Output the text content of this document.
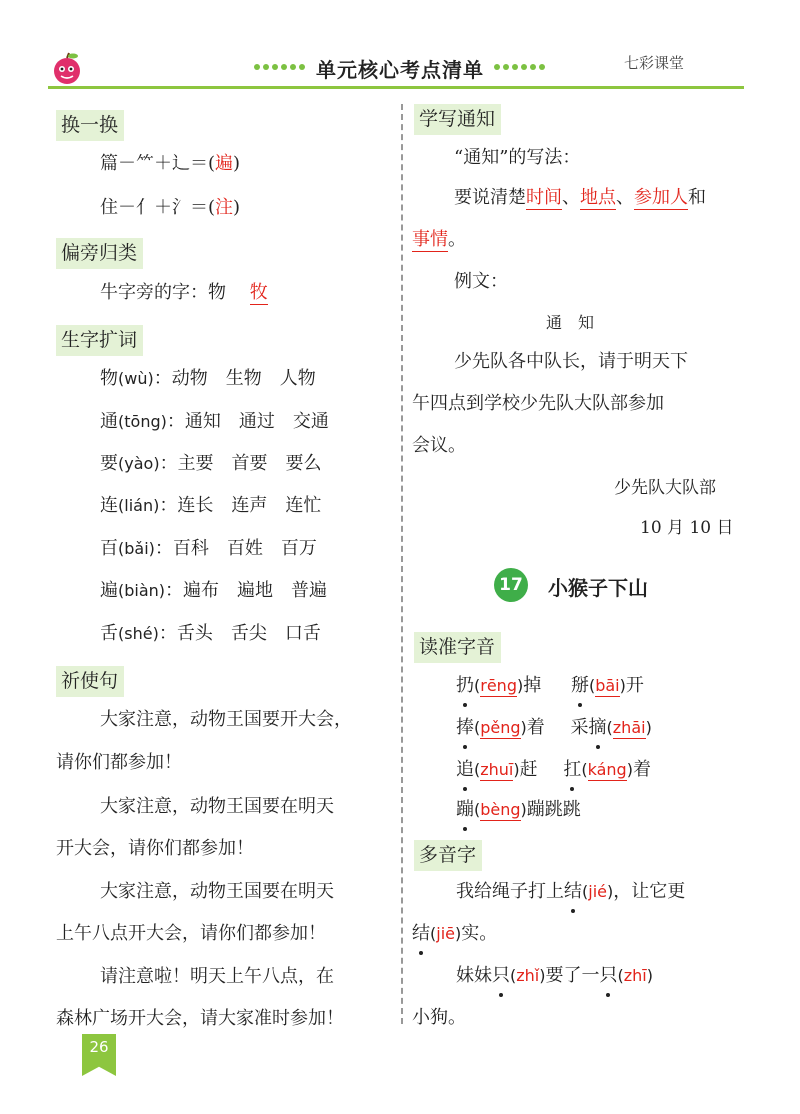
单元核心考点清单	七彩课堂
换一换
篇－⺮＋辶＝(遍)
住－亻＋氵＝(注)
偏旁归类
牛字旁的字：物 牧
生字扩词
物(wù)：动物　生物　人物
通(tōng)：通知　通过　交通
要(yào)：主要　首要　要么
连(lián)：连长　连声　连忙
百(bǎi)：百科　百姓　百万
遍(biàn)：遍布　遍地　普遍
舌(shé)：舌头　舌尖　口舌
祈使句
大家注意，动物王国要开大会，
请你们都参加！
大家注意，动物王国要在明天
开大会，请你们都参加！
大家注意，动物王国要在明天
上午八点开大会，请你们都参加！
请注意啦！明天上午八点，在
森林广场开大会，请大家准时参加！
学写通知
“通知”的写法：
要说清楚时间、地点、参加人和
事情。
例文：
通　知
少先队各中队长，请于明天下
午四点到学校少先队大队部参加
会议。
少先队大队部
10 月 10 日
17 小猴子下山
读准字音
扔(rēng)掉 掰(bāi)开
捧(pěng)着 采摘(zhāi)
追(zhuī)赶 扛(káng)着
蹦(bèng)蹦跳跳
多音字
我给绳子打上结(jié)，让它更
结(jiē)实。
妹妹只(zhǐ)要了一只(zhī)
小狗。
26
